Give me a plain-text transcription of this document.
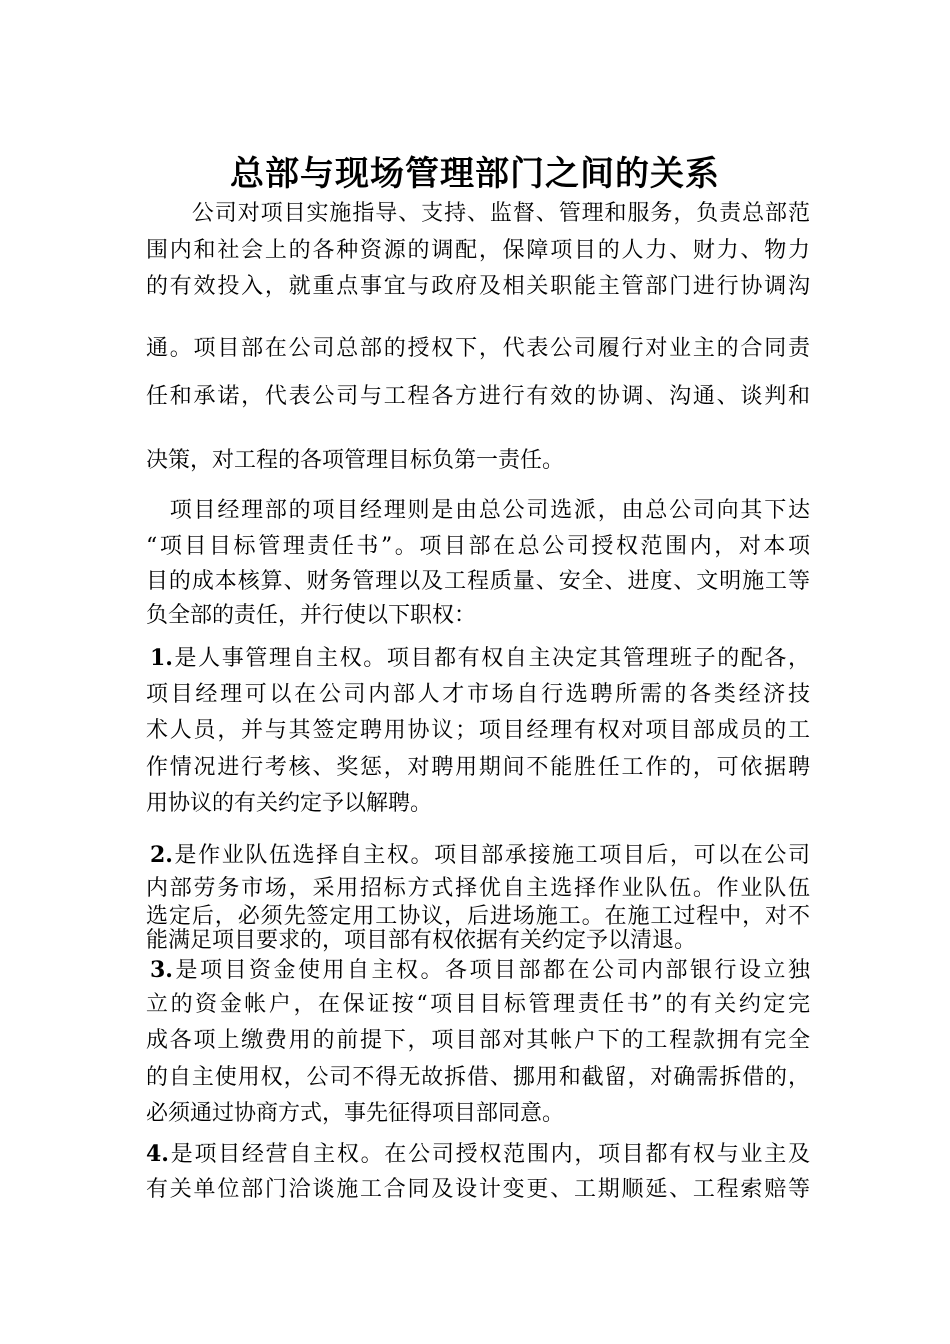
总部与现场管理部门之间的关系
　　公司对项目实施指导、支持、监督、管理和服务，负责总部范
围内和社会上的各种资源的调配，保障项目的人力、财力、物力
的有效投入，就重点事宜与政府及相关职能主管部门进行协调沟
通。项目部在公司总部的授权下，代表公司履行对业主的合同责
任和承诺，代表公司与工程各方进行有效的协调、沟通、谈判和
决策，对工程的各项管理目标负第一责任。
　项目经理部的项目经理则是由总公司选派，由总公司向其下达
“项目目标管理责任书”。项目部在总公司授权范围内，对本项
目的成本核算、财务管理以及工程质量、安全、进度、文明施工等
负全部的责任，并行使以下职权：
1.是人事管理自主权。项目都有权自主决定其管理班子的配各，
项目经理可以在公司内部人才市场自行选聘所需的各类经济技
术人员，并与其签定聘用协议；项目经理有权对项目部成员的工
作情况进行考核、奖惩，对聘用期间不能胜任工作的，可依据聘
用协议的有关约定予以解聘。
2.是作业队伍选择自主权。项目部承接施工项目后，可以在公司
内部劳务市场，采用招标方式择优自主选择作业队伍。作业队伍
选定后，必须先签定用工协议，后进场施工。在施工过程中，对不
能满足项目要求的，项目部有权依据有关约定予以清退。
3.是项目资金使用自主权。各项目部都在公司内部银行设立独
立的资金帐户，在保证按“项目目标管理责任书”的有关约定完
成各项上缴费用的前提下，项目部对其帐户下的工程款拥有完全
的自主使用权，公司不得无故拆借、挪用和截留，对确需拆借的，
必须通过协商方式，事先征得项目部同意。
4.是项目经营自主权。在公司授权范围内，项目都有权与业主及
有关单位部门洽谈施工合同及设计变更、工期顺延、工程索赔等
